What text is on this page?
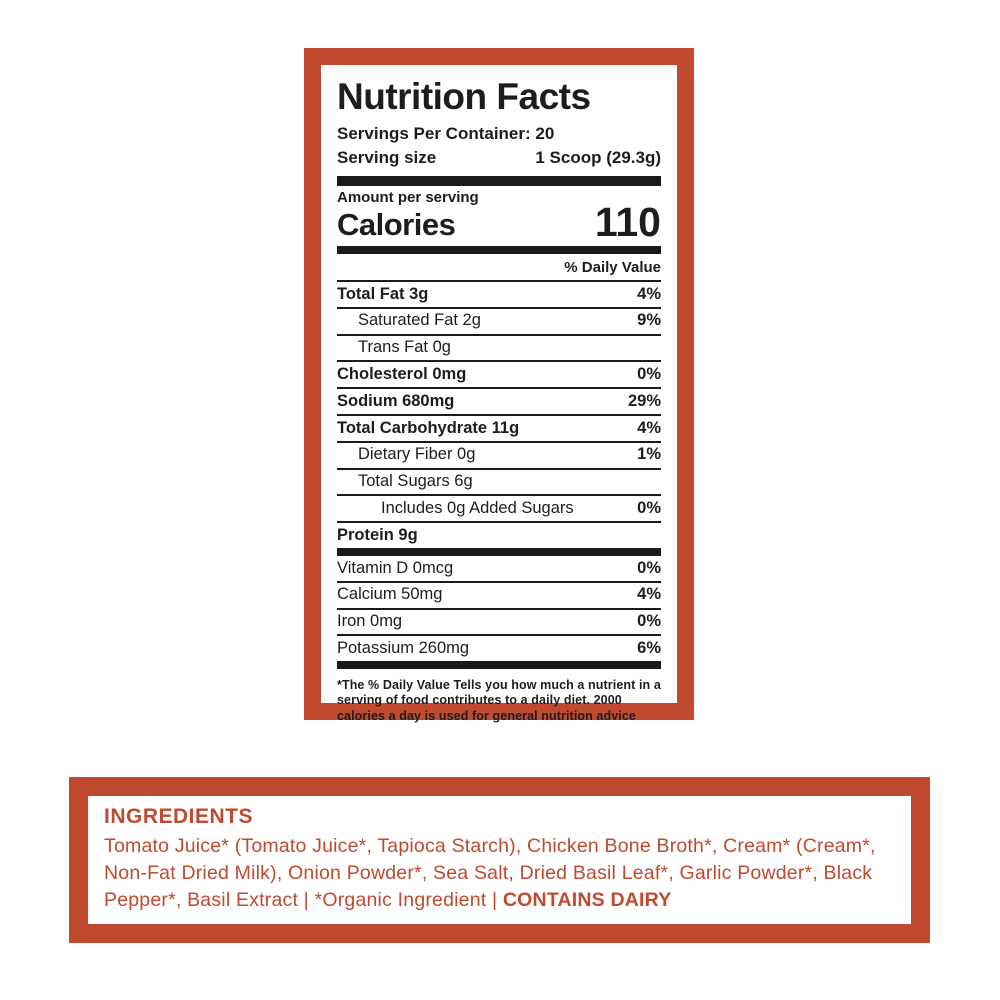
Nutrition Facts
Servings Per Container: 20
Serving size	1 Scoop (29.3g)
Amount per serving
Calories	110
% Daily Value
Total Fat 3g	4%
Saturated Fat 2g	9%
Trans Fat 0g
Cholesterol 0mg	0%
Sodium 680mg	29%
Total Carbohydrate 11g	4%
Dietary Fiber 0g	1%
Total Sugars 6g
Includes 0g Added Sugars	0%
Protein 9g
Vitamin D 0mcg	0%
Calcium 50mg	4%
Iron 0mg	0%
Potassium 260mg	6%
*The % Daily Value Tells you how much a nutrient in a serving of food contributes to a daily diet. 2000 calories a day is used for general nutrition advice
INGREDIENTS
Tomato Juice* (Tomato Juice*, Tapioca Starch), Chicken Bone Broth*, Cream* (Cream*, Non-Fat Dried Milk), Onion Powder*, Sea Salt, Dried Basil Leaf*, Garlic Powder*, Black Pepper*, Basil Extract | *Organic Ingredient | CONTAINS DAIRY
